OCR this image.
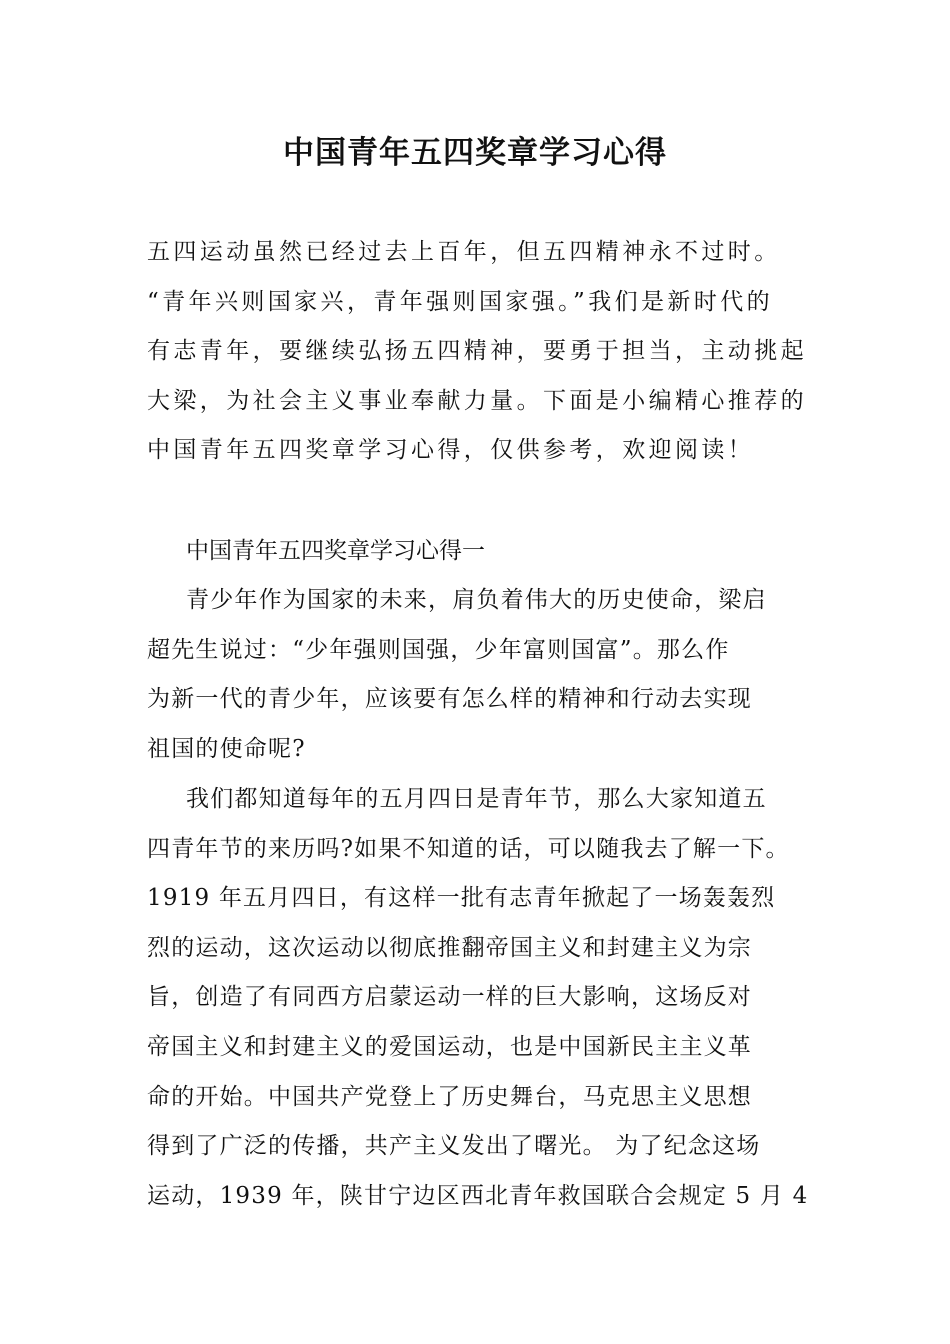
中国青年五四奖章学习心得

五四运动虽然已经过去上百年，但五四精神永不过时。
“青年兴则国家兴，青年强则国家强。”我们是新时代的
有志青年，要继续弘扬五四精神，要勇于担当，主动挑起
大梁，为社会主义事业奉献力量。下面是小编精心推荐的
中国青年五四奖章学习心得，仅供参考，欢迎阅读！

中国青年五四奖章学习心得一

青少年作为国家的未来，肩负着伟大的历史使命，梁启
超先生说过：“少年强则国强，少年富则国富”。那么作
为新一代的青少年，应该要有怎么样的精神和行动去实现
祖国的使命呢?

我们都知道每年的五月四日是青年节，那么大家知道五
四青年节的来历吗?如果不知道的话，可以随我去了解一下。
1919 年五月四日，有这样一批有志青年掀起了一场轰轰烈
烈的运动，这次运动以彻底推翻帝国主义和封建主义为宗
旨，创造了有同西方启蒙运动一样的巨大影响，这场反对
帝国主义和封建主义的爱国运动，也是中国新民主主义革
命的开始。中国共产党登上了历史舞台，马克思主义思想
得到了广泛的传播，共产主义发出了曙光。 为了纪念这场
运动，1939 年，陕甘宁边区西北青年救国联合会规定 5 月 4
